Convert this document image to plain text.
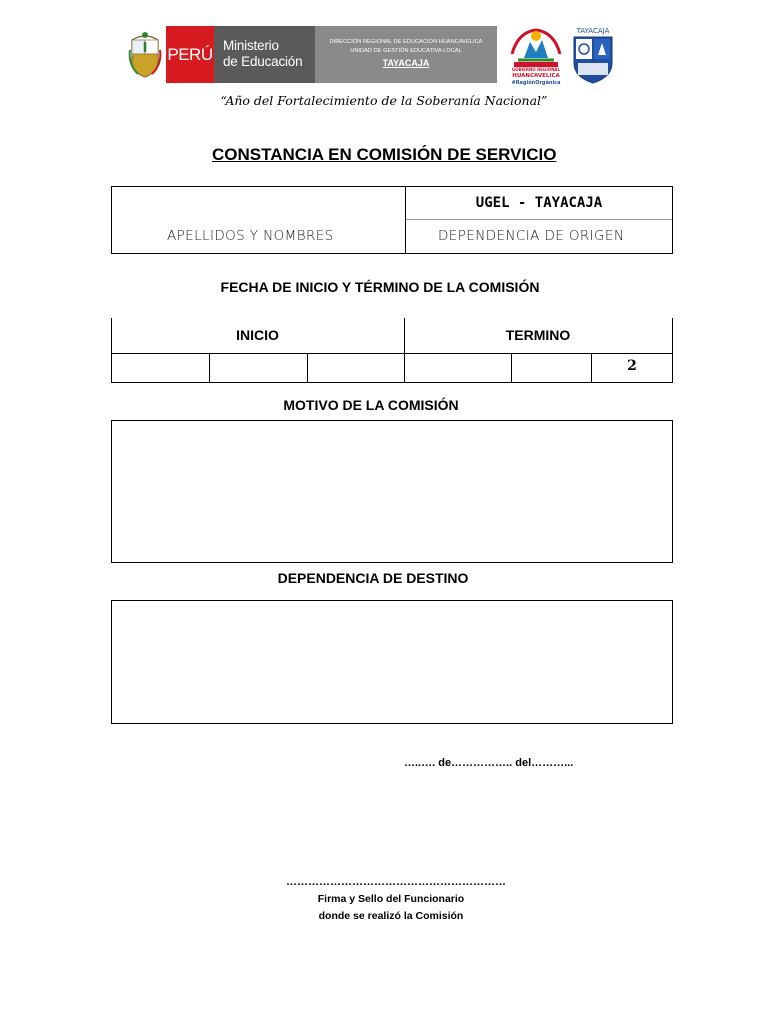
PERÚ Ministerio
de Educación
DIRECCIÓN REGIONAL DE EDUCACIÓN HUANCAVELICA
UNIDAD DE GESTIÓN EDUCATIVA LOCAL
TAYACAJA
GOBIERNO REGIONAL
HUANCAVELICA
#RegiónOrgánica
TAYACAJA
“Año del Fortalecimiento de la Soberanía Nacional”
CONSTANCIA EN COMISIÓN DE SERVICIO
UGEL - TAYACAJA
APELLIDOS Y NOMBRES	DEPENDENCIA DE ORIGEN
FECHA DE INICIO Y TÉRMINO DE LA COMISIÓN
INICIO	TERMINO
2
MOTIVO DE LA COMISIÓN
DEPENDENCIA DE DESTINO
…..…. de…………….. del………...
……………………………………………………
Firma y Sello del Funcionario
donde se realizó la Comisión
